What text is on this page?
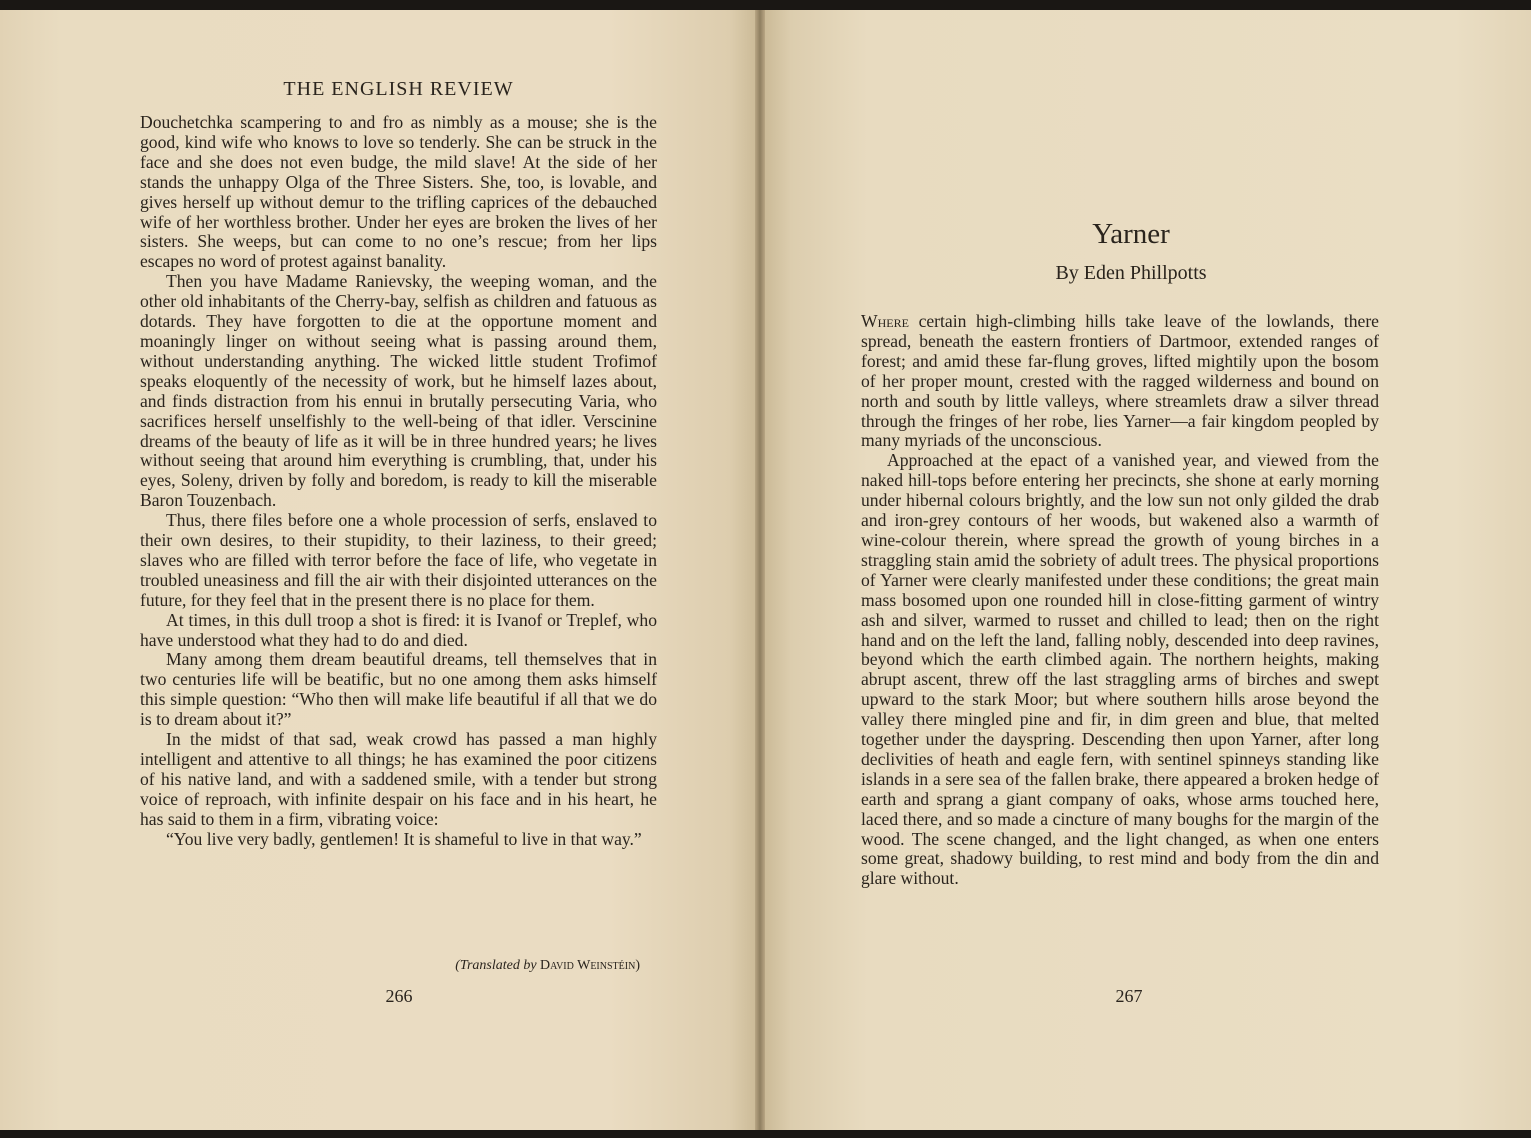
THE ENGLISH REVIEW

Douchetchka scampering to and fro as nimbly as a mouse; she is the good, kind wife who knows to love so tenderly. She can be struck in the face and she does not even budge, the mild slave! At the side of her stands the unhappy Olga of the Three Sisters. She, too, is lovable, and gives herself up without demur to the trifling caprices of the debauched wife of her worthless brother. Under her eyes are broken the lives of her sisters. She weeps, but can come to no one’s rescue; from her lips escapes no word of protest against banality.

Then you have Madame Ranievsky, the weeping woman, and the other old inhabitants of the Cherry-bay, selfish as children and fatuous as dotards. They have forgotten to die at the opportune moment and moaningly linger on without seeing what is passing around them, without understanding anything. The wicked little student Trofimof speaks eloquently of the necessity of work, but he himself lazes about, and finds distraction from his ennui in brutally persecuting Varia, who sacrifices herself unselfishly to the well-being of that idler. Verscinine dreams of the beauty of life as it will be in three hundred years; he lives without seeing that around him everything is crumbling, that, under his eyes, Soleny, driven by folly and boredom, is ready to kill the miserable Baron Touzenbach.

Thus, there files before one a whole procession of serfs, enslaved to their own desires, to their stupidity, to their laziness, to their greed; slaves who are filled with terror before the face of life, who vegetate in troubled uneasiness and fill the air with their disjointed utterances on the future, for they feel that in the present there is no place for them.

At times, in this dull troop a shot is fired: it is Ivanof or Treplef, who have understood what they had to do and died.

Many among them dream beautiful dreams, tell themselves that in two centuries life will be beatific, but no one among them asks himself this simple question: “Who then will make life beautiful if all that we do is to dream about it?”

In the midst of that sad, weak crowd has passed a man highly intelligent and attentive to all things; he has examined the poor citizens of his native land, and with a saddened smile, with a tender but strong voice of reproach, with infinite despair on his face and in his heart, he has said to them in a firm, vibrating voice:

“You live very badly, gentlemen! It is shameful to live in that way.”

(Translated by David Weinstéin)
266
Yarner
By Eden Phillpotts

Where certain high-climbing hills take leave of the lowlands, there spread, beneath the eastern frontiers of Dartmoor, extended ranges of forest; and amid these far-flung groves, lifted mightily upon the bosom of her proper mount, crested with the ragged wilderness and bound on north and south by little valleys, where streamlets draw a silver thread through the fringes of her robe, lies Yarner—a fair kingdom peopled by many myriads of the unconscious.

Approached at the epact of a vanished year, and viewed from the naked hill-tops before entering her precincts, she shone at early morning under hibernal colours brightly, and the low sun not only gilded the drab and iron-grey contours of her woods, but wakened also a warmth of wine-colour therein, where spread the growth of young birches in a straggling stain amid the sobriety of adult trees. The physical proportions of Yarner were clearly manifested under these conditions; the great main mass bosomed upon one rounded hill in close-fitting garment of wintry ash and silver, warmed to russet and chilled to lead; then on the right hand and on the left the land, falling nobly, descended into deep ravines, beyond which the earth climbed again. The northern heights, making abrupt ascent, threw off the last straggling arms of birches and swept upward to the stark Moor; but where southern hills arose beyond the valley there mingled pine and fir, in dim green and blue, that melted together under the dayspring. Descending then upon Yarner, after long declivities of heath and eagle fern, with sentinel spinneys standing like islands in a sere sea of the fallen brake, there appeared a broken hedge of earth and sprang a giant company of oaks, whose arms touched here, laced there, and so made a cincture of many boughs for the margin of the wood. The scene changed, and the light changed, as when one enters some great, shadowy building, to rest mind and body from the din and glare without.

267
